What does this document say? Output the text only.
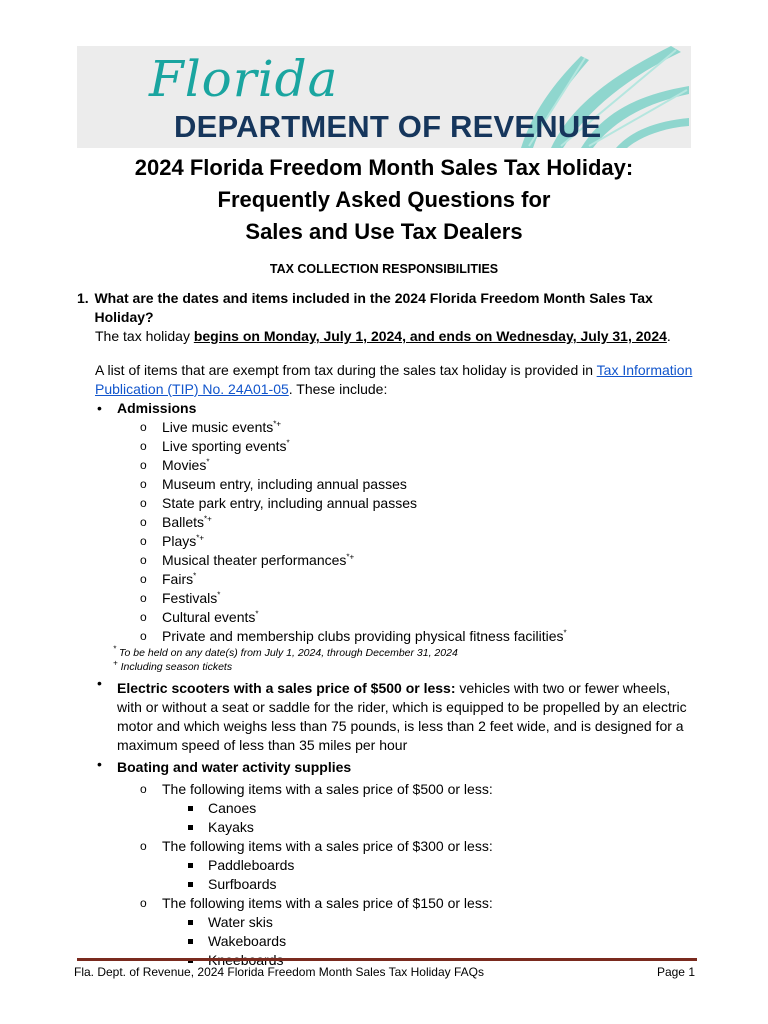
Florida
DEPARTMENT OF REVENUE
2024 Florida Freedom Month Sales Tax Holiday:
Frequently Asked Questions for
Sales and Use Tax Dealers
TAX COLLECTION RESPONSIBILITIES
1. What are the dates and items included in the 2024 Florida Freedom Month Sales Tax Holiday?
The tax holiday begins on Monday, July 1, 2024, and ends on Wednesday, July 31, 2024.
A list of items that are exempt from tax during the sales tax holiday is provided in Tax Information Publication (TIP) No. 24A01-05. These include:
• Admissions
o Live music events*+
o Live sporting events*
o Movies*
o Museum entry, including annual passes
o State park entry, including annual passes
o Ballets*+
o Plays*+
o Musical theater performances*+
o Fairs*
o Festivals*
o Cultural events*
o Private and membership clubs providing physical fitness facilities*
* To be held on any date(s) from July 1, 2024, through December 31, 2024
+ Including season tickets
• Electric scooters with a sales price of $500 or less: vehicles with two or fewer wheels, with or without a seat or saddle for the rider, which is equipped to be propelled by an electric motor and which weighs less than 75 pounds, is less than 2 feet wide, and is designed for a maximum speed of less than 35 miles per hour
• Boating and water activity supplies
o The following items with a sales price of $500 or less:
Canoes
Kayaks
o The following items with a sales price of $300 or less:
Paddleboards
Surfboards
o The following items with a sales price of $150 or less:
Water skis
Wakeboards
Fla. Dept. of Revenue, 2024 Florida Freedom Month Sales Tax Holiday FAQs	Page 1
